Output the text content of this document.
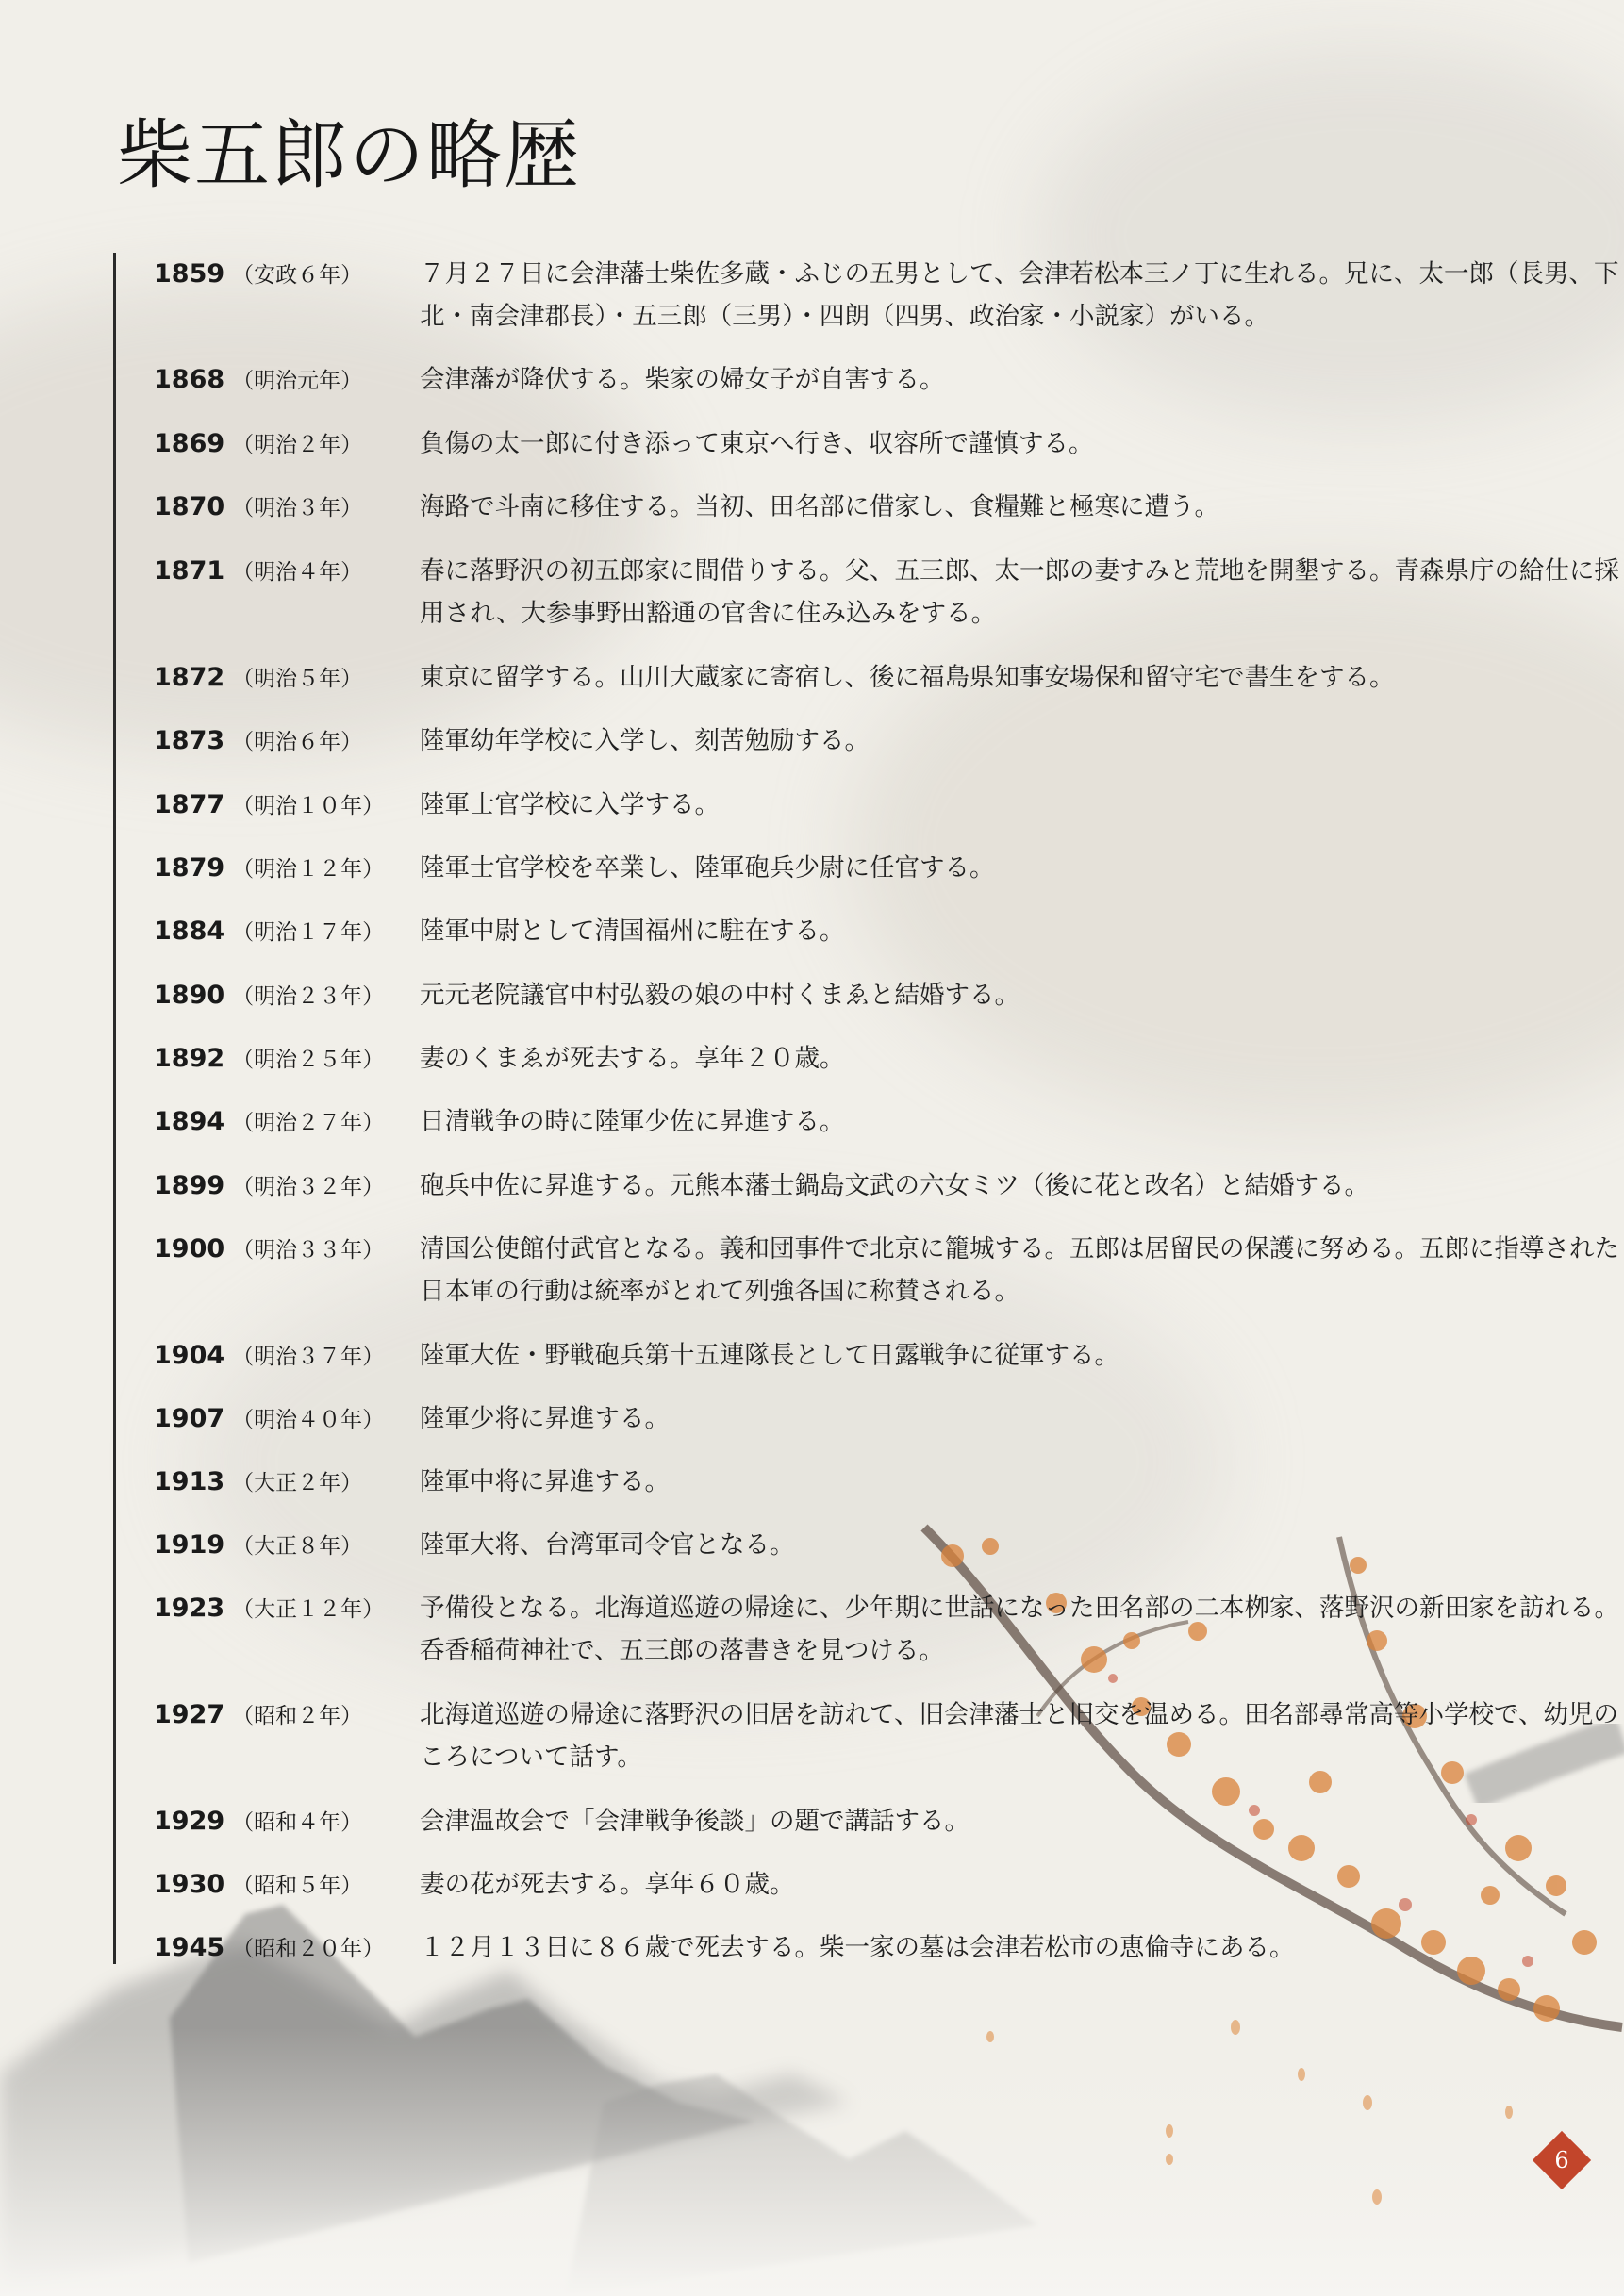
柴五郎の略歴
1859 （安政６年） ７月２７日に会津藩士柴佐多蔵・ふじの五男として、会津若松本三ノ丁に生れる。兄に、太一郎（長男、下北・南会津郡長）・五三郎（三男）・四朗（四男、政治家・小説家）がいる。
1868 （明治元年） 会津藩が降伏する。柴家の婦女子が自害する。
1869 （明治２年） 負傷の太一郎に付き添って東京へ行き、収容所で謹慎する。
1870 （明治３年） 海路で斗南に移住する。当初、田名部に借家し、食糧難と極寒に遭う。
1871 （明治４年） 春に落野沢の初五郎家に間借りする。父、五三郎、太一郎の妻すみと荒地を開墾する。青森県庁の給仕に採用され、大参事野田豁通の官舎に住み込みをする。
1872 （明治５年） 東京に留学する。山川大蔵家に寄宿し、後に福島県知事安場保和留守宅で書生をする。
1873 （明治６年） 陸軍幼年学校に入学し、刻苦勉励する。
1877 （明治１０年） 陸軍士官学校に入学する。
1879 （明治１２年） 陸軍士官学校を卒業し、陸軍砲兵少尉に任官する。
1884 （明治１７年） 陸軍中尉として清国福州に駐在する。
1890 （明治２３年） 元元老院議官中村弘毅の娘の中村くまゑと結婚する。
1892 （明治２５年） 妻のくまゑが死去する。享年２０歳。
1894 （明治２７年） 日清戦争の時に陸軍少佐に昇進する。
1899 （明治３２年） 砲兵中佐に昇進する。元熊本藩士鍋島文武の六女ミツ（後に花と改名）と結婚する。
1900 （明治３３年） 清国公使館付武官となる。義和団事件で北京に籠城する。五郎は居留民の保護に努める。五郎に指導された日本軍の行動は統率がとれて列強各国に称賛される。
1904 （明治３７年） 陸軍大佐・野戦砲兵第十五連隊長として日露戦争に従軍する。
1907 （明治４０年） 陸軍少将に昇進する。
1913 （大正２年） 陸軍中将に昇進する。
1919 （大正８年） 陸軍大将、台湾軍司令官となる。
1923 （大正１２年） 予備役となる。北海道巡遊の帰途に、少年期に世話になった田名部の二本栁家、落野沢の新田家を訪れる。呑香稲荷神社で、五三郎の落書きを見つける。
1927 （昭和２年） 北海道巡遊の帰途に落野沢の旧居を訪れて、旧会津藩士と旧交を温める。田名部尋常高等小学校で、幼児のころについて話す。
1929 （昭和４年） 会津温故会で「会津戦争後談」の題で講話する。
1930 （昭和５年） 妻の花が死去する。享年６０歳。
1945 （昭和２０年） １２月１３日に８６歳で死去する。柴一家の墓は会津若松市の恵倫寺にある。
6
